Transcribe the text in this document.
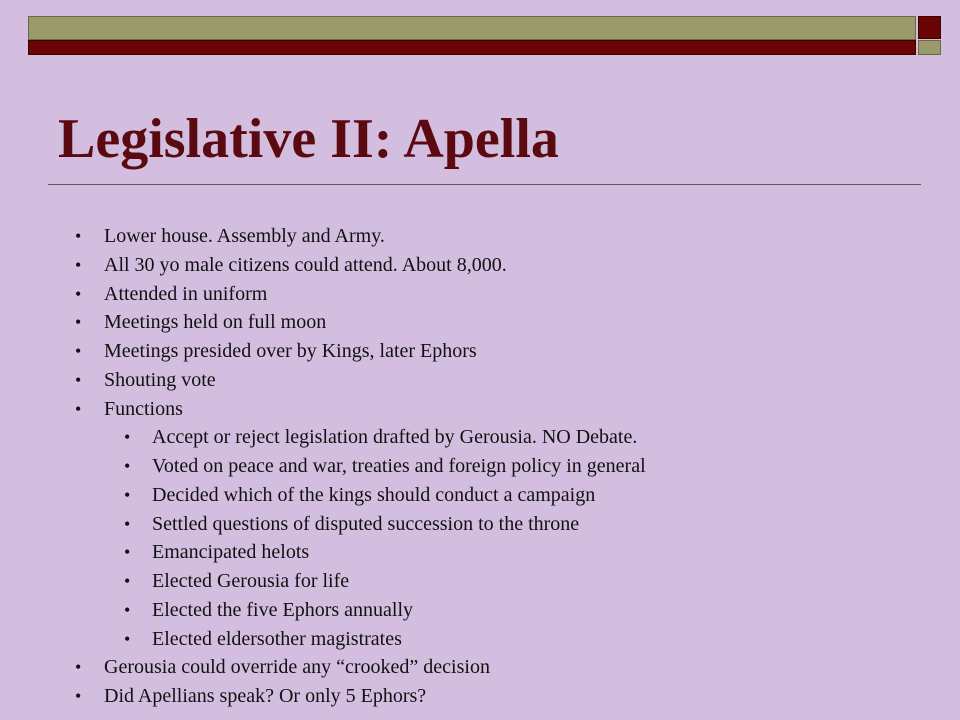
Legislative II: Apella
• Lower house. Assembly and Army.
• All 30 yo male citizens could attend. About 8,000.
• Attended in uniform
• Meetings held on full moon
• Meetings presided over by Kings, later Ephors
• Shouting vote
• Functions
• Accept or reject legislation drafted by Gerousia. NO Debate.
• Voted on peace and war, treaties and foreign policy in general
• Decided which of the kings should conduct a campaign
• Settled questions of disputed succession to the throne
• Emancipated helots
• Elected Gerousia for life
• Elected the five Ephors annually
• Elected eldersother magistrates
• Gerousia could override any “crooked” decision
• Did Apellians speak? Or only 5 Ephors?
